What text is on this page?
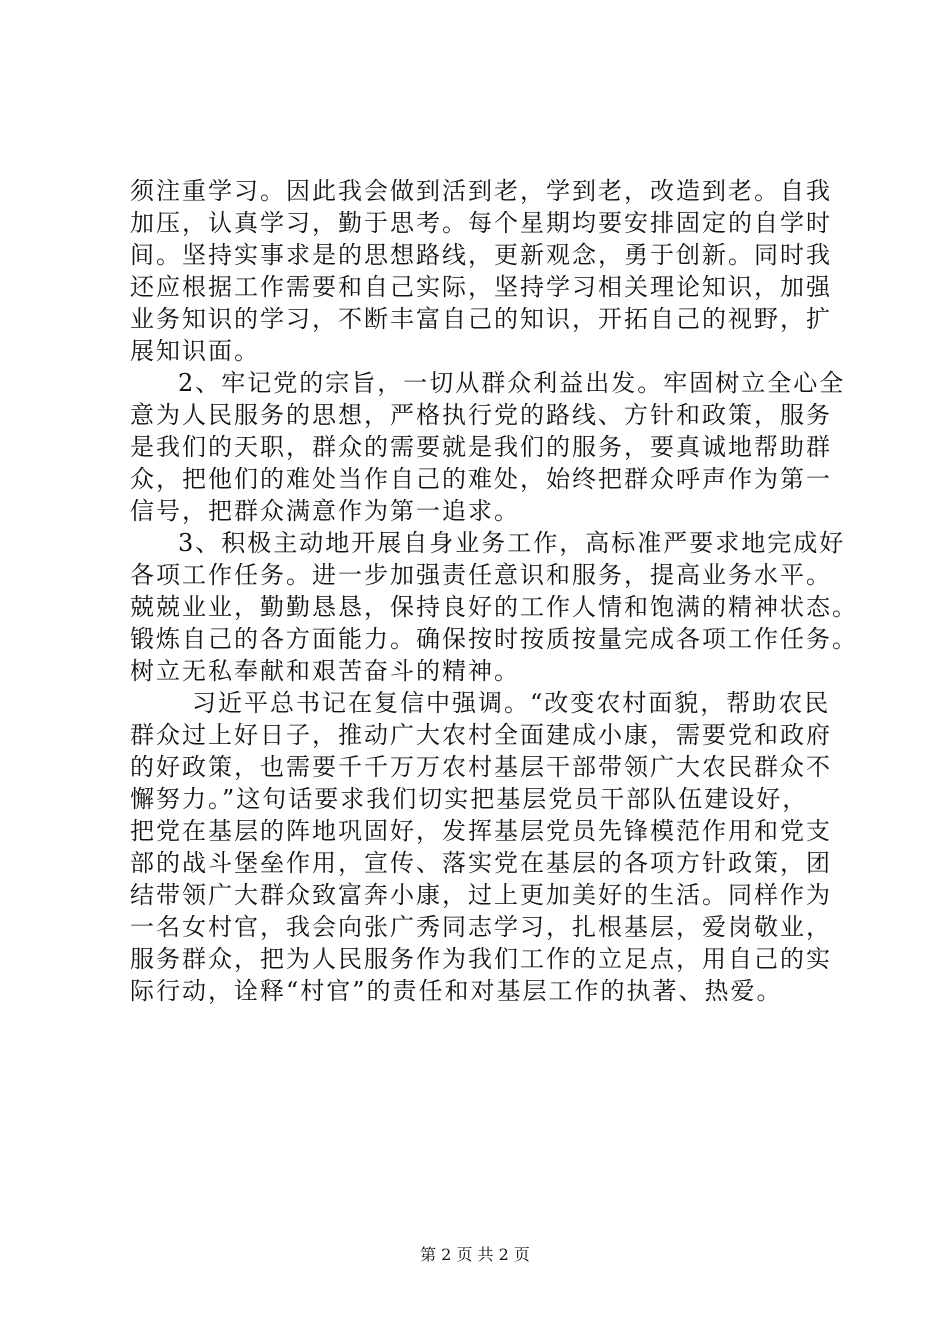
须注重学习。因此我会做到活到老，学到老，改造到老。自我
加压，认真学习，勤于思考。每个星期均要安排固定的自学时
间。坚持实事求是的思想路线，更新观念，勇于创新。同时我
还应根据工作需要和自己实际，坚持学习相关理论知识，加强
业务知识的学习，不断丰富自己的知识，开拓自己的视野，扩
展知识面。
2、牢记党的宗旨，一切从群众利益出发。牢固树立全心全
意为人民服务的思想，严格执行党的路线、方针和政策，服务
是我们的天职，群众的需要就是我们的服务，要真诚地帮助群
众，把他们的难处当作自己的难处，始终把群众呼声作为第一
信号，把群众满意作为第一追求。
3、积极主动地开展自身业务工作，高标准严要求地完成好
各项工作任务。进一步加强责任意识和服务，提高业务水平。
兢兢业业，勤勤恳恳，保持良好的工作人情和饱满的精神状态。
锻炼自己的各方面能力。确保按时按质按量完成各项工作任务。
树立无私奉献和艰苦奋斗的精神。
习近平总书记在复信中强调。“改变农村面貌，帮助农民
群众过上好日子，推动广大农村全面建成小康，需要党和政府
的好政策，也需要千千万万农村基层干部带领广大农民群众不
懈努力。”这句话要求我们切实把基层党员干部队伍建设好，
把党在基层的阵地巩固好，发挥基层党员先锋模范作用和党支
部的战斗堡垒作用，宣传、落实党在基层的各项方针政策，团
结带领广大群众致富奔小康，过上更加美好的生活。同样作为
一名女村官，我会向张广秀同志学习，扎根基层，爱岗敬业，
服务群众，把为人民服务作为我们工作的立足点，用自己的实
际行动，诠释“村官”的责任和对基层工作的执著、热爱。
第 2 页 共 2 页
